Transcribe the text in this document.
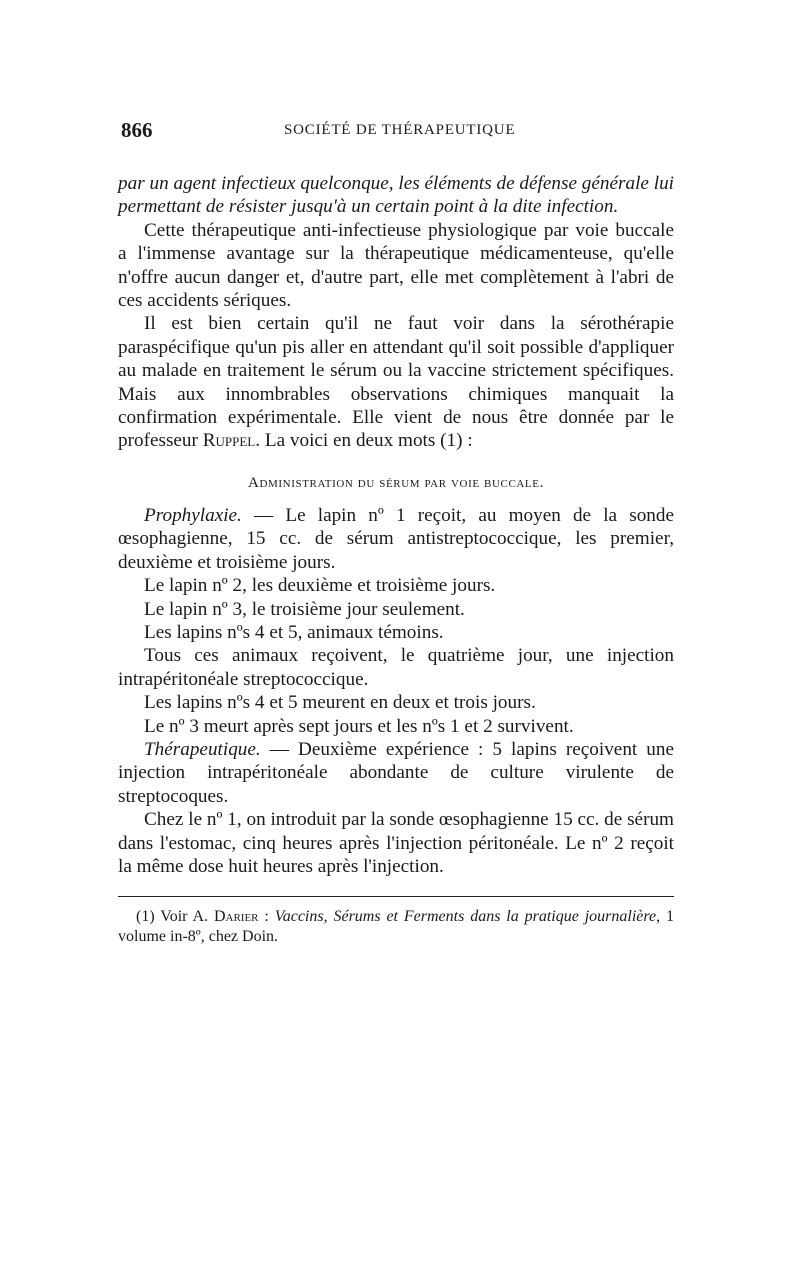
866	SOCIÉTÉ DE THÉRAPEUTIQUE

par un agent infectieux quelconque, les éléments de défense générale lui permettant de résister jusqu'à un certain point à la dite infection.

Cette thérapeutique anti-infectieuse physiologique par voie buccale a l'immense avantage sur la thérapeutique médicamenteuse, qu'elle n'offre aucun danger et, d'autre part, elle met complètement à l'abri de ces accidents sériques.

Il est bien certain qu'il ne faut voir dans la sérothérapie paraspécifique qu'un pis aller en attendant qu'il soit possible d'appliquer au malade en traitement le sérum ou la vaccine strictement spécifiques. Mais aux innombrables observations chimiques manquait la confirmation expérimentale. Elle vient de nous être donnée par le professeur Ruppel. La voici en deux mots (1) :

Administration du sérum par voie buccale.

Prophylaxie. — Le lapin nº 1 reçoit, au moyen de la sonde œsophagienne, 15 cc. de sérum antistreptococcique, les premier, deuxième et troisième jours.

Le lapin nº 2, les deuxième et troisième jours.

Le lapin nº 3, le troisième jour seulement.

Les lapins nºs 4 et 5, animaux témoins.

Tous ces animaux reçoivent, le quatrième jour, une injection intrapéritonéale streptococcique.

Les lapins nºs 4 et 5 meurent en deux et trois jours.

Le nº 3 meurt après sept jours et les nºs 1 et 2 survivent.

Thérapeutique. — Deuxième expérience : 5 lapins reçoivent une injection intrapéritonéale abondante de culture virulente de streptocoques.

Chez le nº 1, on introduit par la sonde œsophagienne 15 cc. de sérum dans l'estomac, cinq heures après l'injection péritonéale. Le nº 2 reçoit la même dose huit heures après l'injection.

(1) Voir A. Darier : Vaccins, Sérums et Ferments dans la pratique journalière, 1 volume in-8º, chez Doin.
